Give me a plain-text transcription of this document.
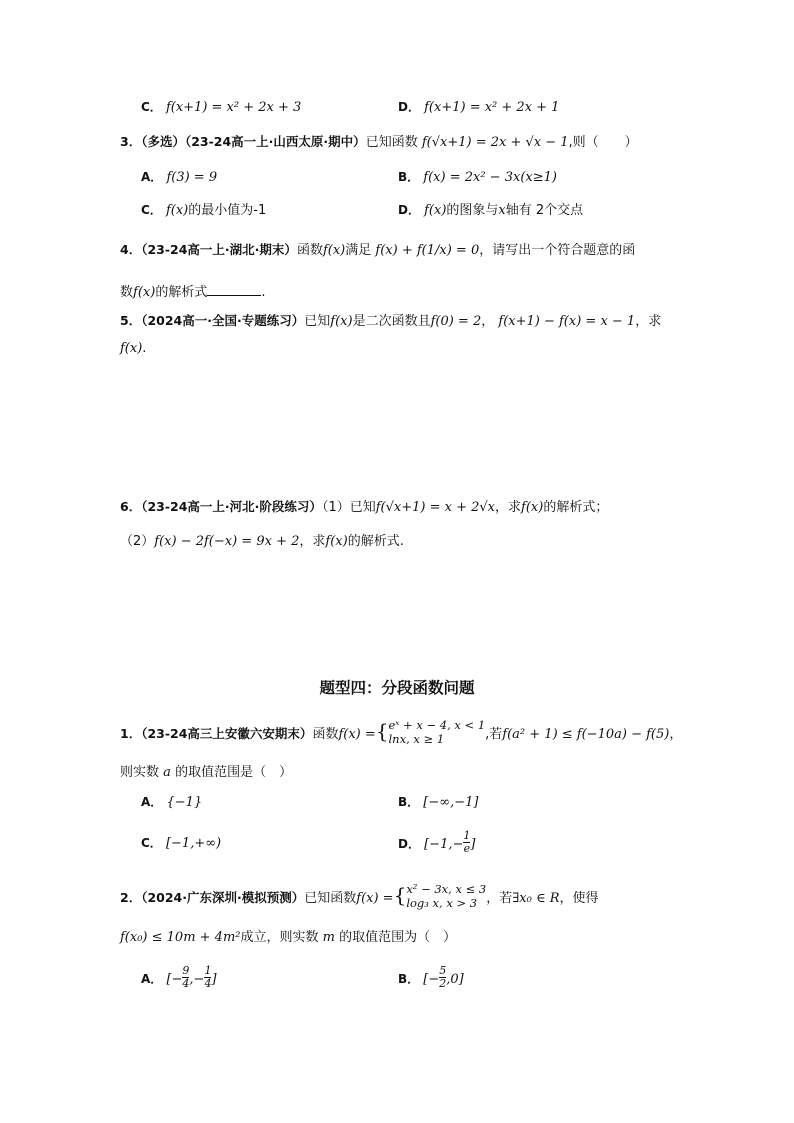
C． f(x+1) = x² + 2x + 3	D． f(x+1) = x² + 2x + 1
3．（多选）（23-24高一上·山西太原·期中）已知函数 f(√x+1) = 2x + √x − 1,则（　　）
A． f(3) = 9	B． f(x) = 2x² − 3x(x≥1)
C． f(x)的最小值为-1	D． f(x)的图象与x轴有 2个交点
4．（23-24高一上·湖北·期末）函数f(x)满足 f(x) + f(1/x) = 0，请写出一个符合题意的函
数f(x)的解析式	.
5．（2024高一·全国·专题练习）已知f(x)是二次函数且f(0) = 2， f(x+1) − f(x) = x − 1，求
f(x).
6．（23-24高一上·河北·阶段练习）（1）已知f(√x+1) = x + 2√x，求f(x)的解析式；
（2）f(x) − 2f(−x) = 9x + 2，求f(x)的解析式.
题型四：分段函数问题
1．（23-24高三上安徽六安期末）函数f(x) ={ eˣ + x − 4, x < 1
lnx, x ≥ 1	,若f(a² + 1) ≤ f(−10a) − f(5)，
则实数 a 的取值范围是（　）
A． {−1}	B． [−∞,−1]
C． [−1,+∞)	D． [$-1,- \frac{1}{e}$ ]
2．（2024·广东深圳·模拟预测）已知函数f(x) ={ x² − 3x, x ≤ 3
log₃ x, x > 3 ，若∃x₀ ∈ R，使得
f(x₀) ≤ 10m + 4m²成立，则实数 m 的取值范围为（　）
A． [− $\frac{9}{4}$ ,− $\frac{1}{4}$ ]	B． [− $\frac{5}{2} ,0$]
